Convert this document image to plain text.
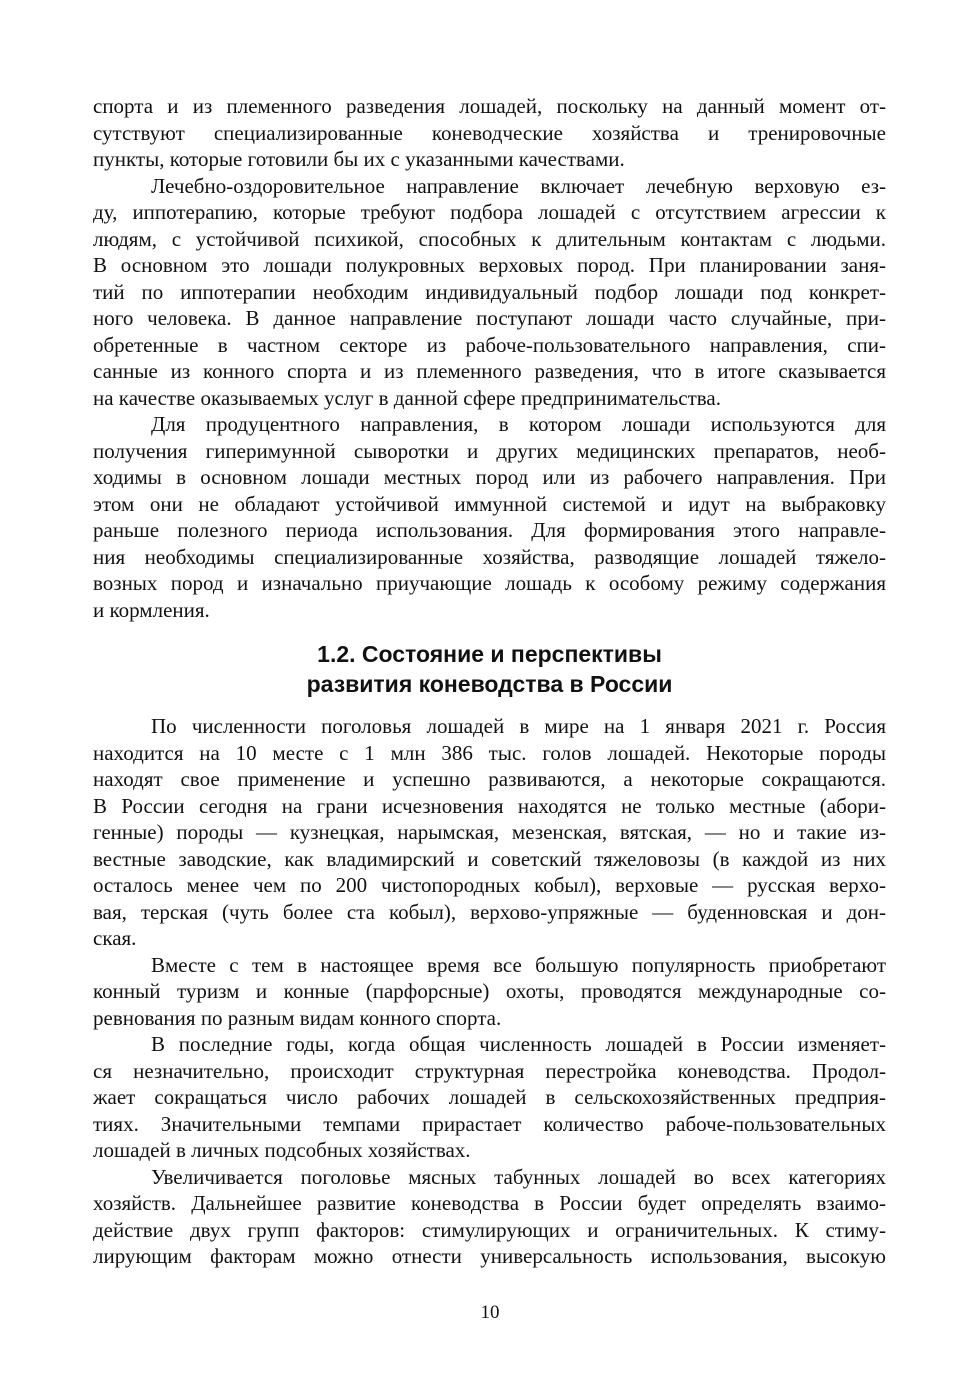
спорта и из племенного разведения лошадей, поскольку на данный момент от-
сутствуют специализированные коневодческие хозяйства и тренировочные
пункты, которые готовили бы их с указанными качествами.

Лечебно-оздоровительное направление включает лечебную верховую ез-
ду, иппотерапию, которые требуют подбора лошадей с отсутствием агрессии к
людям, с устойчивой психикой, способных к длительным контактам с людьми.
В основном это лошади полукровных верховых пород. При планировании заня-
тий по иппотерапии необходим индивидуальный подбор лошади под конкрет-
ного человека. В данное направление поступают лошади часто случайные, при-
обретенные в частном секторе из рабоче-пользовательного направления, спи-
санные из конного спорта и из племенного разведения, что в итоге сказывается
на качестве оказываемых услуг в данной сфере предпринимательства.

Для продуцентного направления, в котором лошади используются для
получения гиперимунной сыворотки и других медицинских препаратов, необ-
ходимы в основном лошади местных пород или из рабочего направления. При
этом они не обладают устойчивой иммунной системой и идут на выбраковку
раньше полезного периода использования. Для формирования этого направле-
ния необходимы специализированные хозяйства, разводящие лошадей тяжело-
возных пород и изначально приучающие лошадь к особому режиму содержания
и кормления.

1.2. Состояние и перспективы
развития коневодства в России

По численности поголовья лошадей в мире на 1 января 2021 г. Россия
находится на 10 месте с 1 млн 386 тыс. голов лошадей. Некоторые породы
находят свое применение и успешно развиваются, а некоторые сокращаются.
В России сегодня на грани исчезновения находятся не только местные (абори-
генные) породы — кузнецкая, нарымская, мезенская, вятская, — но и такие из-
вестные заводские, как владимирский и советский тяжеловозы (в каждой из них
осталось менее чем по 200 чистопородных кобыл), верховые — русская верхо-
вая, терская (чуть более ста кобыл), верхово-упряжные — буденновская и дон-
ская.

Вместе с тем в настоящее время все большую популярность приобретают
конный туризм и конные (парфорсные) охоты, проводятся международные со-
ревнования по разным видам конного спорта.

В последние годы, когда общая численность лошадей в России изменяет-
ся незначительно, происходит структурная перестройка коневодства. Продол-
жает сокращаться число рабочих лошадей в сельскохозяйственных предприя-
тиях. Значительными темпами прирастает количество рабоче-пользовательных
лошадей в личных подсобных хозяйствах.

Увеличивается поголовье мясных табунных лошадей во всех категориях
хозяйств. Дальнейшее развитие коневодства в России будет определять взаимо-
действие двух групп факторов: стимулирующих и ограничительных. К стиму-
лирующим факторам можно отнести универсальность использования, высокую

10
